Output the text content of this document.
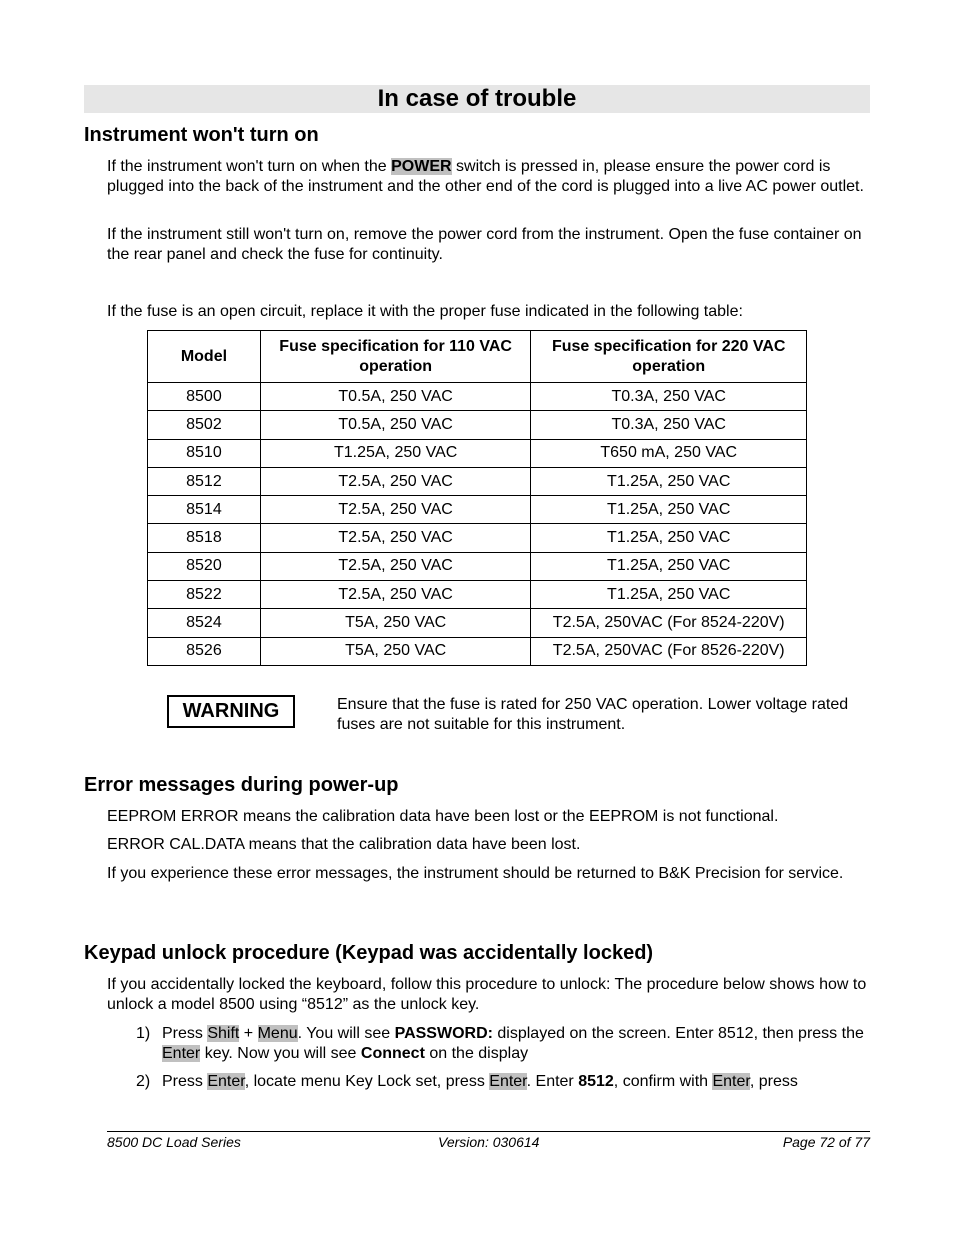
In case of trouble
Instrument won't turn on
If the instrument won't turn on when the POWER switch is pressed in, please ensure the power cord is plugged into the back of the instrument and the other end of the cord is plugged into a live AC power outlet.
If the instrument still won't turn on, remove the power cord from the instrument. Open the fuse container on the rear panel and check the fuse for continuity.
If the fuse is an open circuit, replace it with the proper fuse indicated in the following table:
Model	Fuse specification for 110 VAC operation	Fuse specification for 220 VAC operation
8500	T0.5A, 250 VAC	T0.3A, 250 VAC
8502	T0.5A, 250 VAC	T0.3A, 250 VAC
8510	T1.25A, 250 VAC	T650 mA, 250 VAC
8512	T2.5A, 250 VAC	T1.25A, 250 VAC
8514	T2.5A, 250 VAC	T1.25A, 250 VAC
8518	T2.5A, 250 VAC	T1.25A, 250 VAC
8520	T2.5A, 250 VAC	T1.25A, 250 VAC
8522	T2.5A, 250 VAC	T1.25A, 250 VAC
8524	T5A, 250 VAC	T2.5A, 250VAC (For 8524-220V)
8526	T5A, 250 VAC	T2.5A, 250VAC (For 8526-220V)
WARNING	Ensure that the fuse is rated for 250 VAC operation. Lower voltage rated fuses are not suitable for this instrument.
Error messages during power-up
EEPROM ERROR means the calibration data have been lost or the EEPROM is not functional.
ERROR CAL.DATA means that the calibration data have been lost.
If you experience these error messages, the instrument should be returned to B&K Precision for service.
Keypad unlock procedure (Keypad was accidentally locked)
If you accidentally locked the keyboard, follow this procedure to unlock: The procedure below shows how to unlock a model 8500 using “8512” as the unlock key.
1) Press Shift + Menu. You will see PASSWORD: displayed on the screen. Enter 8512, then press the Enter key. Now you will see Connect on the display
2) Press Enter, locate menu Key Lock set, press Enter. Enter 8512, confirm with Enter, press
8500 DC Load Series	Version: 030614	Page 72 of 77
